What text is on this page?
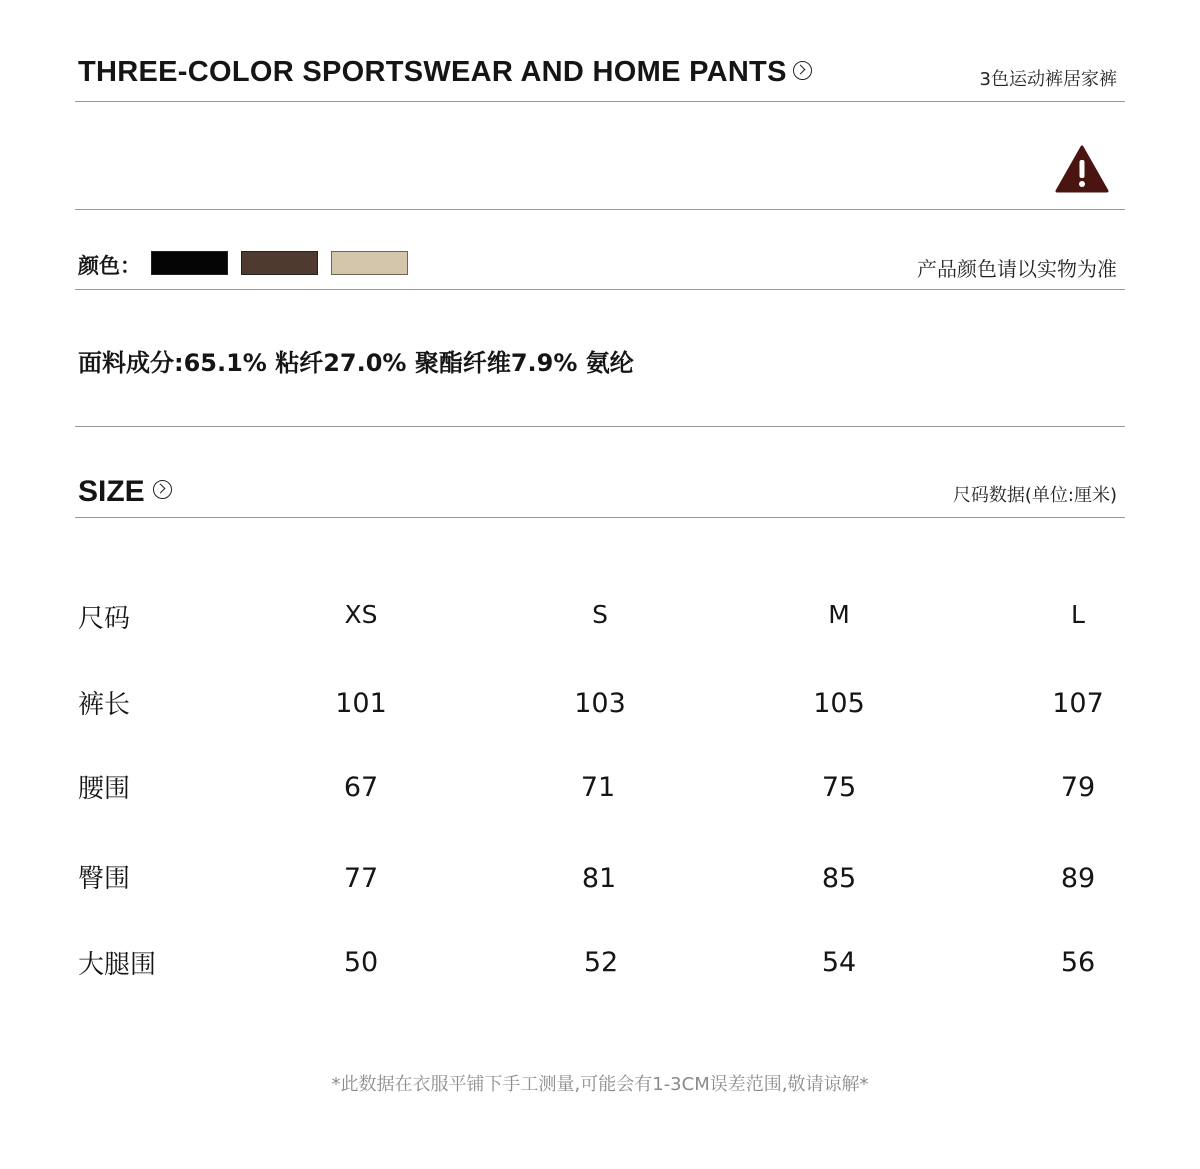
THREE-COLOR SPORTSWEAR AND HOME PANTS	3色运动裤居家裤
颜色：	产品颜色请以实物为准
面料成分:65.1% 粘纤27.0% 聚酯纤维7.9% 氨纶
SIZE	尺码数据(单位:厘米)
尺码	XS	S	M	L
裤长	101	103	105	107
腰围	67	71	75	79
臀围	77	81	85	89
大腿围	50	52	54	56
*此数据在衣服平铺下手工测量,可能会有1-3CM误差范围,敬请谅解*
